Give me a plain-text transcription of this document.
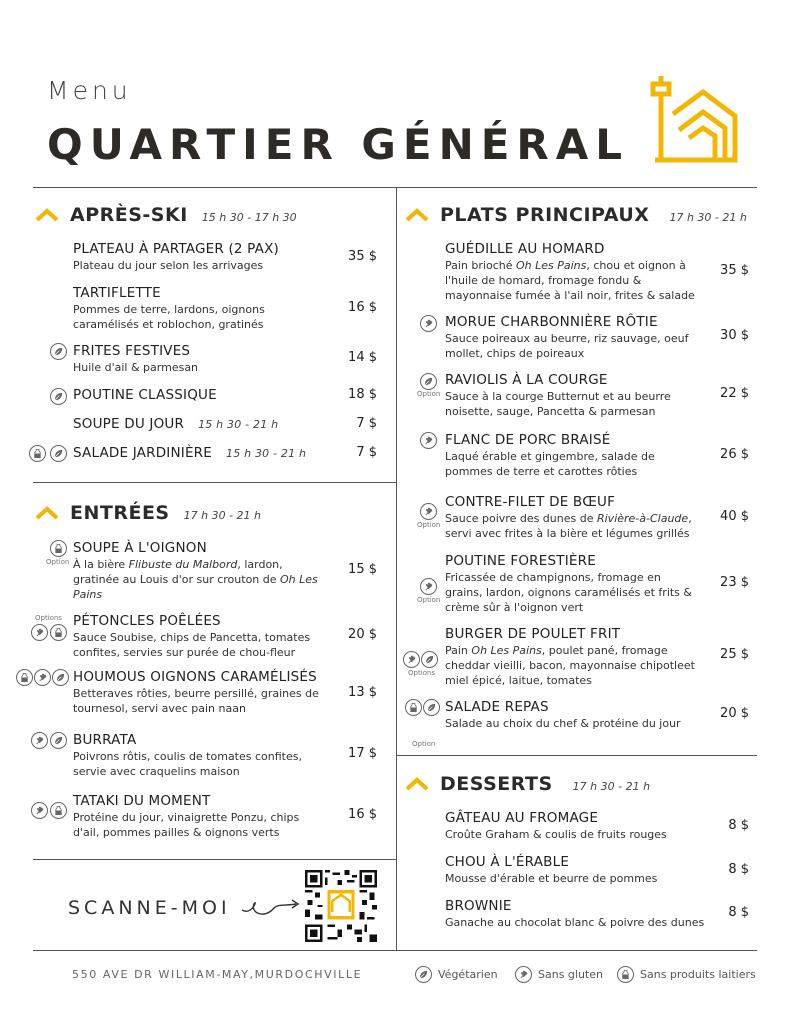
Menu
QUARTIER GÉNÉRAL
APRÈS-SKI 15 h 30 - 17 h 30
PLATEAU À PARTAGER (2 PAX)
Plateau du jour selon les arrivages
35 $
TARTIFLETTE
Pommes de terre, lardons, oignons
caramélisés et roblochon, gratinés
16 $
FRITES FESTIVES
Huile d'ail & parmesan
14 $
POUTINE CLASSIQUE	18 $
SOUPE DU JOUR 15 h 30 - 21 h	7 $
SALADE JARDINIÈRE 15 h 30 - 21 h	7 $
ENTRÉES 17 h 30 - 21 h
Option
SOUPE À L'OIGNON
À la bière Flibuste du Malbord, lardon,
gratinée au Louis d'or sur crouton de Oh Les
Pains
15 $
Options PÉTONCLES POÊLÉES
Sauce Soubise, chips de Pancetta, tomates
confites, servies sur purée de chou-fleur
20 $
HOUMOUS OIGNONS CARAMÉLISÉS
Betteraves rôties, beurre persillé, graines de
tournesol, servi avec pain naan
13 $
BURRATA
Poivrons rôtis, coulis de tomates confites,
servie avec craquelins maison
17 $
TATAKI DU MOMENT
Protéine du jour, vinaigrette Ponzu, chips
d'ail, pommes pailles & oignons verts
16 $
SCANNE-MOI
PLATS PRINCIPAUX 17 h 30 - 21 h
GUÉDILLE AU HOMARD
Pain brioché Oh Les Pains, chou et oignon à
l'huile de homard, fromage fondu &
mayonnaise fumée à l'ail noir, frites & salade
35 $
MORUE CHARBONNIÈRE RÔTIE
Sauce poireaux au beurre, riz sauvage, oeuf
mollet, chips de poireaux
30 $
Option
RAVIOLIS À LA COURGE
Sauce à la courge Butternut et au beurre
noisette, sauge, Pancetta & parmesan
22 $
FLANC DE PORC BRAISÉ
Laqué érable et gingembre, salade de
pommes de terre et carottes rôties
26 $
Option
CONTRE-FILET DE BŒUF
Sauce poivre des dunes de Rivière-à-Claude,
servi avec frites à la bière et légumes grillés
40 $
Option
POUTINE FORESTIÈRE
Fricassée de champignons, fromage en
grains, lardon, oignons caramélisés et frits &
crème sûr à l'oignon vert
23 $
Options
BURGER DE POULET FRIT
Pain Oh Les Pains, poulet pané, fromage
cheddar vieilli, bacon, mayonnaise chipotleet
miel épicé, laitue, tomates
25 $
Option
SALADE REPAS
Salade au choix du chef & protéine du jour
20 $
DESSERTS 17 h 30 - 21 h
GÂTEAU AU FROMAGE
Croûte Graham & coulis de fruits rouges
8 $
CHOU À L'ÉRABLE
Mousse d'érable et beurre de pommes
8 $
BROWNIE
Ganache au chocolat blanc & poivre des dunes
8 $
550 AVE DR WILLIAM-MAY,MURDOCHVILLE	Végétarien	Sans gluten	Sans produits laitiers
